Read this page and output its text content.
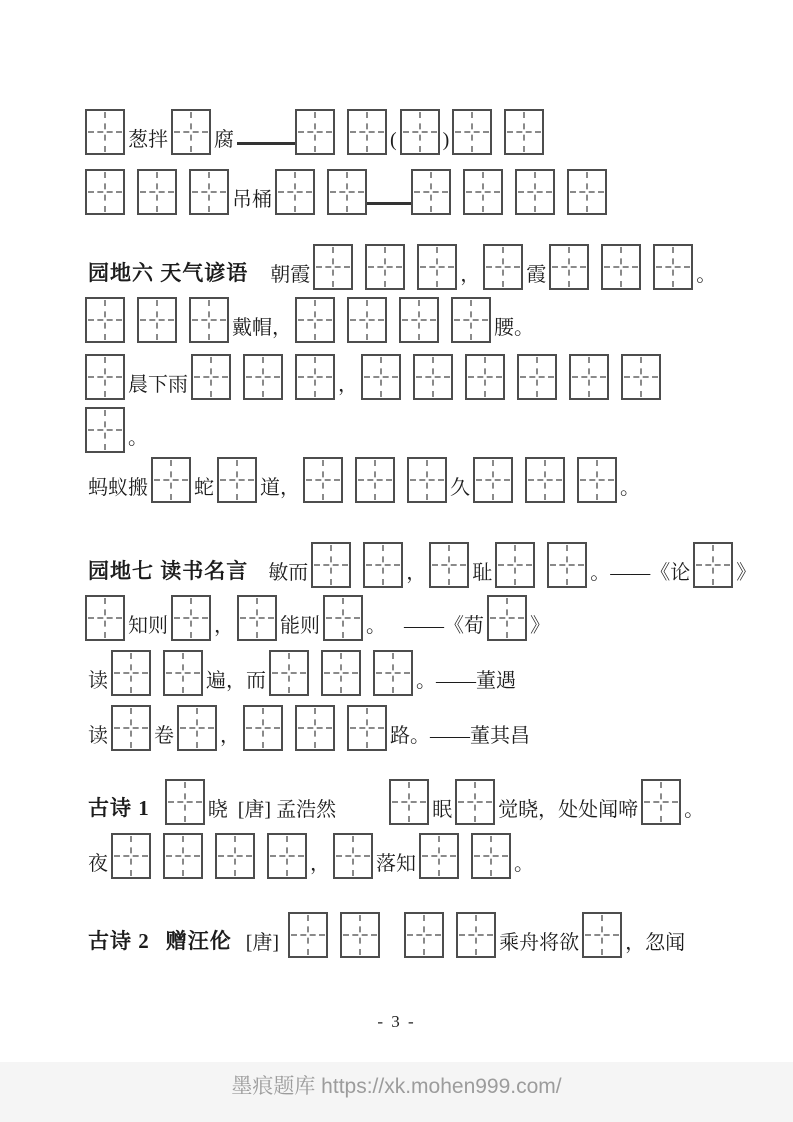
葱拌 腐	( )
吊桶
园地六 天气谚语 朝霞	， 霞	。
戴帽，	腰。
晨下雨	，
。
蚂蚁搬 蛇 道，	久	。
园地七 读书名言 敏而	， 耻	。——《论 》
知则 ， 能则 。 ——《荀 》
读	遍，而	。——董遇
读 卷 ，	路。——董其昌
古诗 1	晓 [唐] 孟浩然	眠 觉晓，处处闻啼 。
夜	， 落知	。
古诗 2 赠汪伦 [唐]	乘舟将欲 ，忽闻
- 3 -
墨痕题库 https://xk.mohen999.com/
